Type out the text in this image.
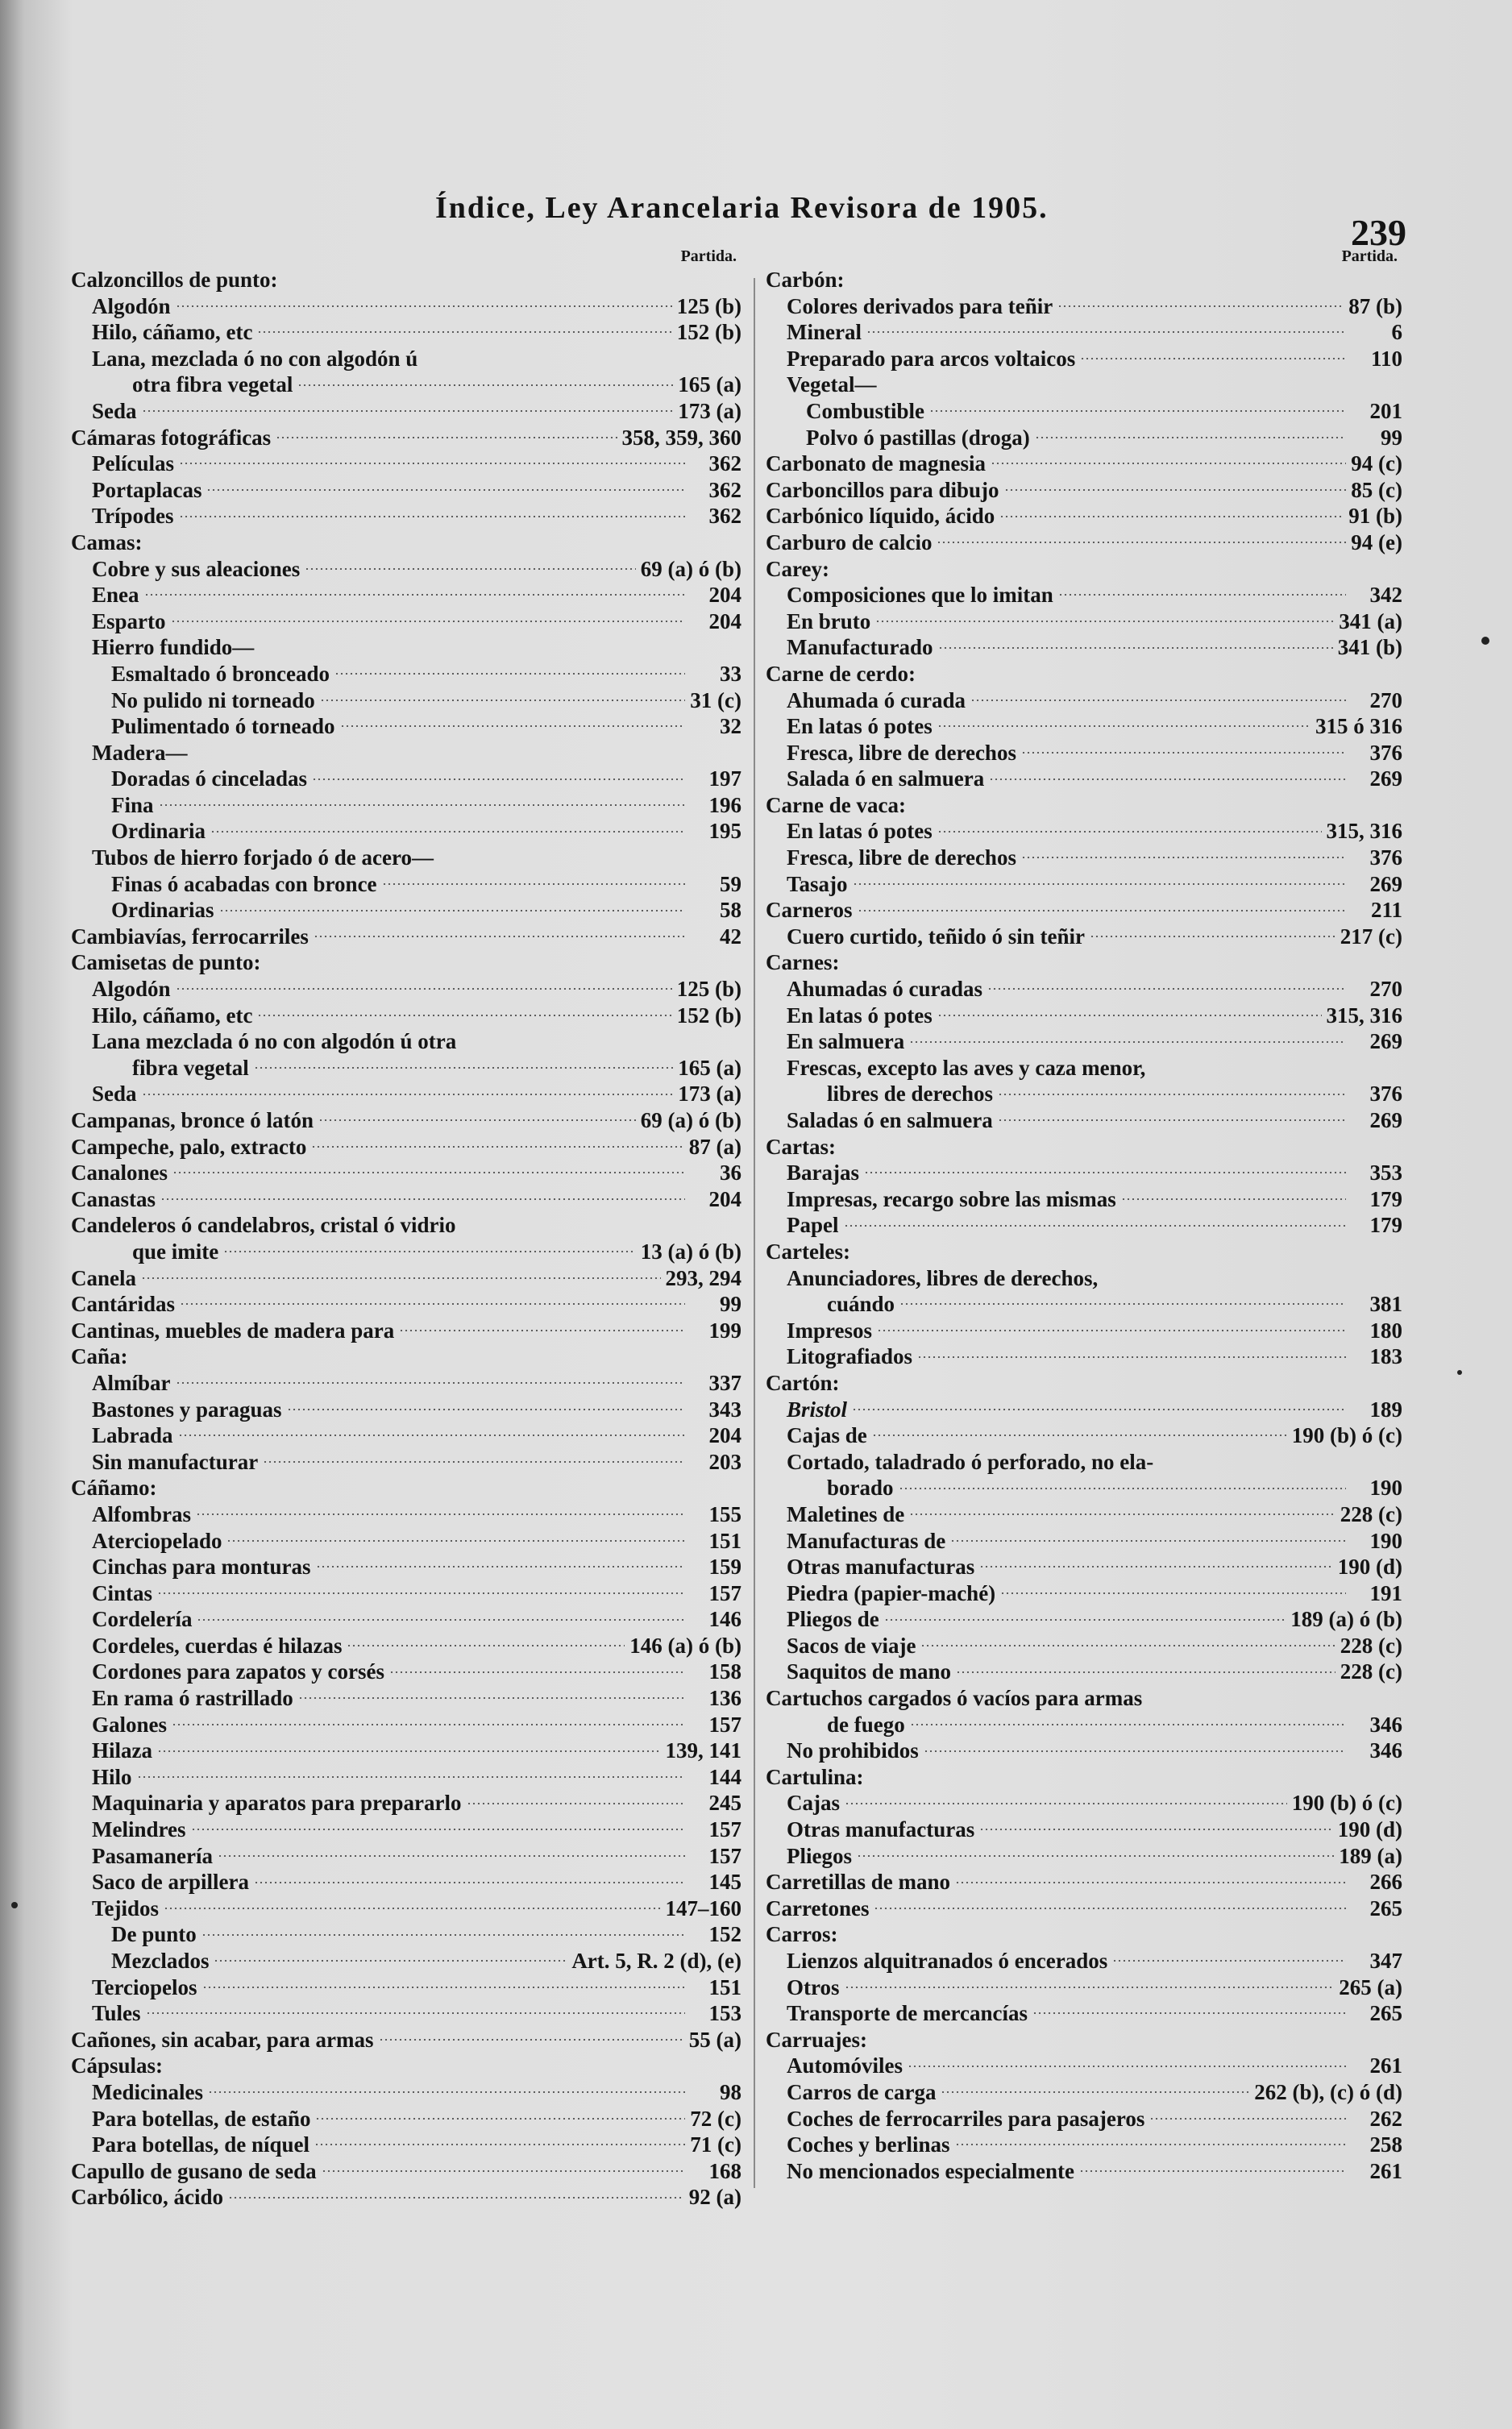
Índice, Ley Arancelaria Revisora de 1905.
239
Partida.
Calzoncillos de punto:
Algodón	125 (b)
Hilo, cáñamo, etc	152 (b)
Lana, mezclada ó no con algodón ú
otra fibra vegetal	165 (a)
Seda	173 (a)
Cámaras fotográficas	358, 359, 360
Películas	362
Portaplacas	362
Trípodes	362
Camas:
Cobre y sus aleaciones	69 (a) ó (b)
Enea	204
Esparto	204
Hierro fundido—
Esmaltado ó bronceado	33
No pulido ni torneado	31 (c)
Pulimentado ó torneado	32
Madera—
Doradas ó cinceladas	197
Fina	196
Ordinaria	195
Tubos de hierro forjado ó de acero—
Finas ó acabadas con bronce	59
Ordinarias	58
Cambiavías, ferrocarriles	42
Camisetas de punto:
Algodón	125 (b)
Hilo, cáñamo, etc	152 (b)
Lana mezclada ó no con algodón ú otra
fibra vegetal	165 (a)
Seda	173 (a)
Campanas, bronce ó latón	69 (a) ó (b)
Campeche, palo, extracto	87 (a)
Canalones	36
Canastas	204
Candeleros ó candelabros, cristal ó vidrio
que imite	13 (a) ó (b)
Canela	293, 294
Cantáridas	99
Cantinas, muebles de madera para	199
Caña:
Almíbar	337
Bastones y paraguas	343
Labrada	204
Sin manufacturar	203
Cáñamo:
Alfombras	155
Aterciopelado	151
Cinchas para monturas	159
Cintas	157
Cordelería	146
Cordeles, cuerdas é hilazas	146 (a) ó (b)
Cordones para zapatos y corsés	158
En rama ó rastrillado	136
Galones	157
Hilaza	139, 141
Hilo	144
Maquinaria y aparatos para prepararlo	245
Melindres	157
Pasamanería	157
Saco de arpillera	145
Tejidos	147–160
De punto	152
Mezclados	Art. 5, R. 2 (d), (e)
Terciopelos	151
Tules	153
Cañones, sin acabar, para armas	55 (a)
Cápsulas:
Medicinales	98
Para botellas, de estaño	72 (c)
Para botellas, de níquel	71 (c)
Capullo de gusano de seda	168
Carbólico, ácido	92 (a)
Partida.
Carbón:
Colores derivados para teñir	87 (b)
Mineral	6
Preparado para arcos voltaicos	110
Vegetal—
Combustible	201
Polvo ó pastillas (droga)	99
Carbonato de magnesia	94 (c)
Carboncillos para dibujo	85 (c)
Carbónico líquido, ácido	91 (b)
Carburo de calcio	94 (e)
Carey:
Composiciones que lo imitan	342
En bruto	341 (a)
Manufacturado	341 (b)
Carne de cerdo:
Ahumada ó curada	270
En latas ó potes	315 ó 316
Fresca, libre de derechos	376
Salada ó en salmuera	269
Carne de vaca:
En latas ó potes	315, 316
Fresca, libre de derechos	376
Tasajo	269
Carneros	211
Cuero curtido, teñido ó sin teñir	217 (c)
Carnes:
Ahumadas ó curadas	270
En latas ó potes	315, 316
En salmuera	269
Frescas, excepto las aves y caza menor,
libres de derechos	376
Saladas ó en salmuera	269
Cartas:
Barajas	353
Impresas, recargo sobre las mismas	179
Papel	179
Carteles:
Anunciadores, libres de derechos,
cuándo	381
Impresos	180
Litografiados	183
Cartón:
Bristol	189
Cajas de	190 (b) ó (c)
Cortado, taladrado ó perforado, no ela-
borado	190
Maletines de	228 (c)
Manufacturas de	190
Otras manufacturas	190 (d)
Piedra (papier-maché)	191
Pliegos de	189 (a) ó (b)
Sacos de viaje	228 (c)
Saquitos de mano	228 (c)
Cartuchos cargados ó vacíos para armas
de fuego	346
No prohibidos	346
Cartulina:
Cajas	190 (b) ó (c)
Otras manufacturas	190 (d)
Pliegos	189 (a)
Carretillas de mano	266
Carretones	265
Carros:
Lienzos alquitranados ó encerados	347
Otros	265 (a)
Transporte de mercancías	265
Carruajes:
Automóviles	261
Carros de carga	262 (b), (c) ó (d)
Coches de ferrocarriles para pasajeros	262
Coches y berlinas	258
No mencionados especialmente	261
